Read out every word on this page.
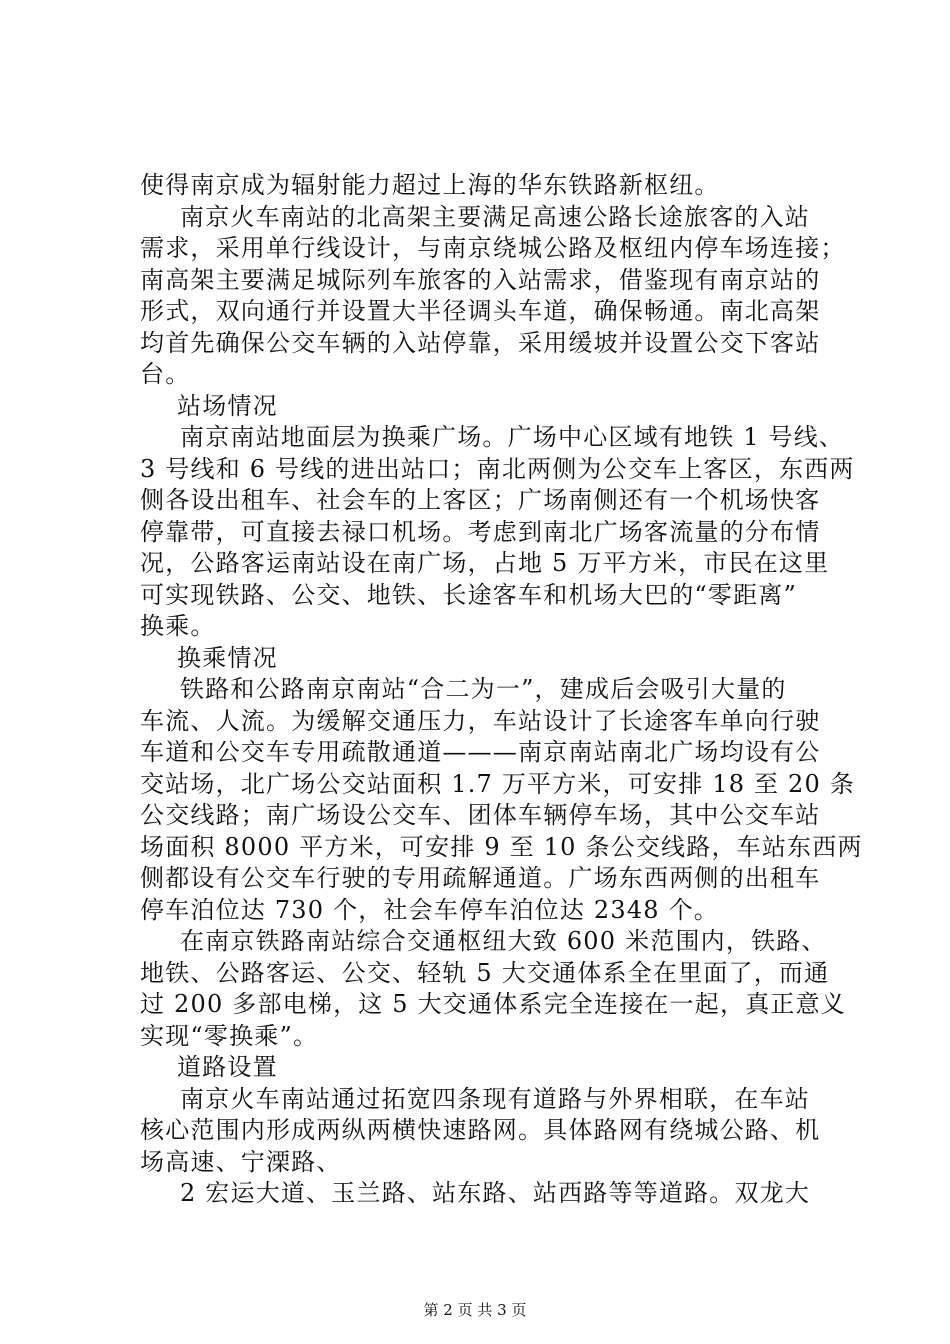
使得南京成为辐射能力超过上海的华东铁路新枢纽。
南京火车南站的北高架主要满足高速公路长途旅客的入站
需求，采用单行线设计，与南京绕城公路及枢纽内停车场连接；
南高架主要满足城际列车旅客的入站需求，借鉴现有南京站的
形式，双向通行并设置大半径调头车道，确保畅通。南北高架
均首先确保公交车辆的入站停靠，采用缓坡并设置公交下客站
台。
站场情况
南京南站地面层为换乘广场。广场中心区域有地铁 1 号线、
3 号线和 6 号线的进出站口；南北两侧为公交车上客区，东西两
侧各设出租车、社会车的上客区；广场南侧还有一个机场快客
停靠带，可直接去禄口机场。考虑到南北广场客流量的分布情
况，公路客运南站设在南广场，占地 5 万平方米，市民在这里
可实现铁路、公交、地铁、长途客车和机场大巴的“零距离”
换乘。
换乘情况
铁路和公路南京南站“合二为一”，建成后会吸引大量的
车流、人流。为缓解交通压力，车站设计了长途客车单向行驶
车道和公交车专用疏散通道———南京南站南北广场均设有公
交站场，北广场公交站面积 1.7 万平方米，可安排 18 至 20 条
公交线路；南广场设公交车、团体车辆停车场，其中公交车站
场面积 8000 平方米，可安排 9 至 10 条公交线路，车站东西两
侧都设有公交车行驶的专用疏解通道。广场东西两侧的出租车
停车泊位达 730 个，社会车停车泊位达 2348 个。
在南京铁路南站综合交通枢纽大致 600 米范围内，铁路、
地铁、公路客运、公交、轻轨 5 大交通体系全在里面了，而通
过 200 多部电梯，这 5 大交通体系完全连接在一起，真正意义
实现“零换乘”。
道路设置
南京火车南站通过拓宽四条现有道路与外界相联，在车站
核心范围内形成两纵两横快速路网。具体路网有绕城公路、机
场高速、宁溧路、
2 宏运大道、玉兰路、站东路、站西路等等道路。双龙大
第 2 页 共 3 页
